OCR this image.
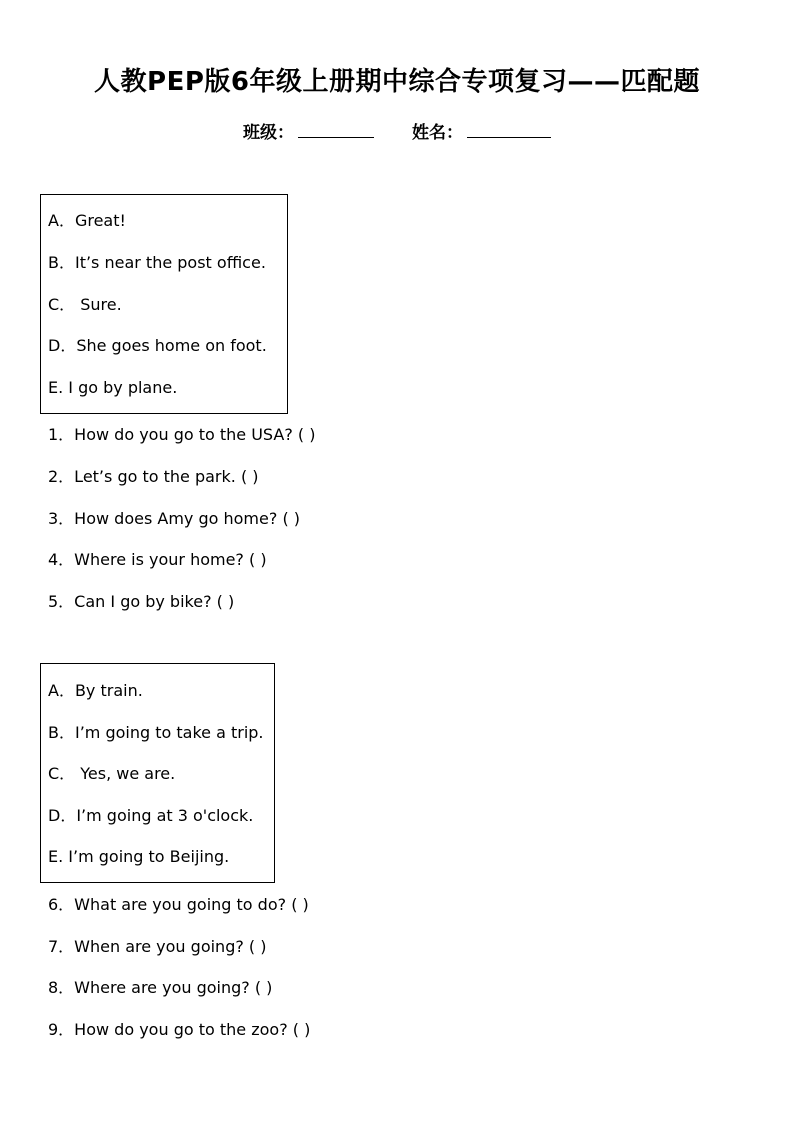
人教PEP版6年级上册期中综合专项复习——匹配题
班级：	姓名：
A．Great!
B．It’s near the post office.
C． Sure.
D．She goes home on foot.
E. I go by plane.
1．How do you go to the USA? ( )
2．Let’s go to the park. ( )
3．How does Amy go home? ( )
4．Where is your home? ( )
5．Can I go by bike? ( )
A．By train.
B．I’m going to take a trip.
C． Yes, we are.
D．I’m going at 3 o'clock.
E. I’m going to Beijing.
6．What are you going to do? ( )
7．When are you going? ( )
8．Where are you going? ( )
9．How do you go to the zoo? ( )
